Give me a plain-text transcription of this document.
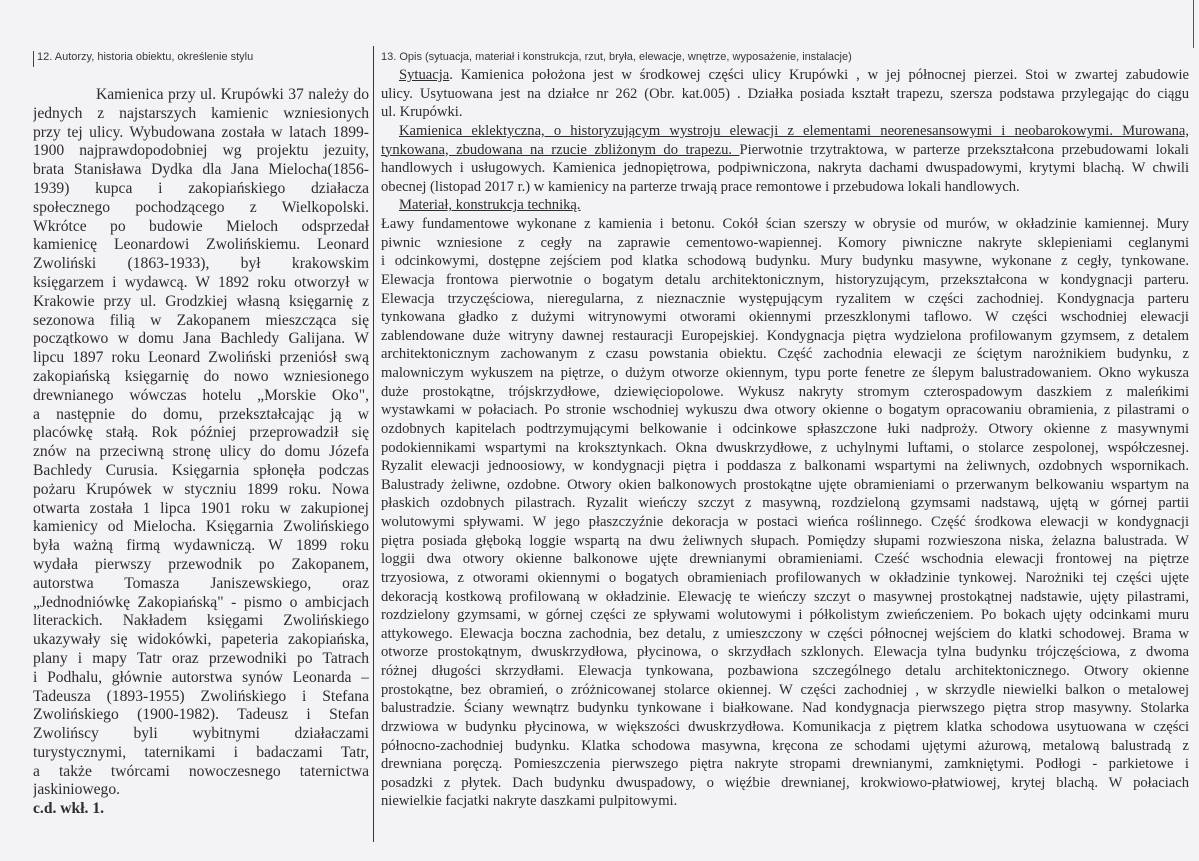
12. Autorzy, historia obiektu, określenie stylu	13. Opis (sytuacja, materiał i konstrukcja, rzut, bryła, elewacje, wnętrze, wyposażenie, instalacje)
Kamienica przy ul. Krupówki 37 należy do
jednych z najstarszych kamienic wzniesionych
przy tej ulicy. Wybudowana została w latach 1899-
1900 najprawdopodobniej wg projektu jezuity,
brata Stanisława Dydka dla Jana Mielocha(1856-
1939) kupca i zakopiańskiego działacza
społecznego pochodzącego z Wielkopolski.
Wkrótce po budowie Mieloch odsprzedał
kamienicę Leonardowi Zwolińskiemu. Leonard
Zwoliński (1863-1933), był krakowskim
księgarzem i wydawcą. W 1892 roku otworzył w
Krakowie przy ul. Grodzkiej własną księgarnię z
sezonowa filią w Zakopanem mieszcząca się
początkowo w domu Jana Bachledy Galijana. W
lipcu 1897 roku Leonard Zwoliński przeniósł swą
zakopiańską księgarnię do nowo wzniesionego
drewnianego wówczas hotelu „Morskie Oko",
a następnie do domu, przekształcając ją w
placówkę stałą. Rok później przeprowadził się
znów na przeciwną stronę ulicy do domu Józefa
Bachledy Curusia. Księgarnia spłonęła podczas
pożaru Krupówek w styczniu 1899 roku. Nowa
otwarta została 1 lipca 1901 roku w zakupionej
kamienicy od Mielocha. Księgarnia Zwolińskiego
była ważną firmą wydawniczą. W 1899 roku
wydała pierwszy przewodnik po Zakopanem,
autorstwa Tomasza Janiszewskiego, oraz
„Jednodniówkę Zakopiańską" - pismo o ambicjach
literackich. Nakładem księgami Zwolińskiego
ukazywały się widokówki, papeteria zakopiańska,
plany i mapy Tatr oraz przewodniki po Tatrach
i Podhalu, głównie autorstwa synów Leonarda –
Tadeusza (1893-1955) Zwolińskiego i Stefana
Zwolińskiego (1900-1982). Tadeusz i Stefan
Zwolińscy byli wybitnymi działaczami
turystycznymi, taternikami i badaczami Tatr,
a także twórcami nowoczesnego taternictwa
jaskiniowego.
c.d. wkł. 1.
Sytuacja. Kamienica położona jest w środkowej części ulicy Krupówki , w jej północnej pierzei. Stoi w zwartej zabudowie
ulicy. Usytuowana jest na działce nr 262 (Obr. kat.005) . Działka posiada kształt trapezu, szersza podstawa przylegając do ciągu
ul. Krupówki.
Kamienica eklektyczna, o historyzującym wystroju elewacji z elementami neorenesansowymi i neobarokowymi. Murowana,
tynkowana, zbudowana na rzucie zbliżonym do trapezu. Pierwotnie trzytraktowa, w parterze przekształcona przebudowami lokali
handlowych i usługowych. Kamienica jednopiętrowa, podpiwniczona, nakryta dachami dwuspadowymi, krytymi blachą. W chwili
obecnej (listopad 2017 r.) w kamienicy na parterze trwają prace remontowe i przebudowa lokali handlowych.
Materiał, konstrukcja techniką.
Ławy fundamentowe wykonane z kamienia i betonu. Cokół ścian szerszy w obrysie od murów, w okładzinie kamiennej. Mury
piwnic wzniesione z cegły na zaprawie cementowo-wapiennej. Komory piwniczne nakryte sklepieniami ceglanymi
i odcinkowymi, dostępne zejściem pod klatka schodową budynku. Mury budynku masywne, wykonane z cegły, tynkowane.
Elewacja frontowa pierwotnie o bogatym detalu architektonicznym, historyzującym, przekształcona w kondygnacji parteru.
Elewacja trzyczęściowa, nieregularna, z nieznacznie występującym ryzalitem w części zachodniej. Kondygnacja parteru
tynkowana gładko z dużymi witrynowymi otworami okiennymi przeszklonymi taflowo. W części wschodniej elewacji
zablendowane duże witryny dawnej restauracji Europejskiej. Kondygnacja piętra wydzielona profilowanym gzymsem, z detalem
architektonicznym zachowanym z czasu powstania obiektu. Część zachodnia elewacji ze ściętym narożnikiem budynku, z
malowniczym wykuszem na piętrze, o dużym otworze okiennym, typu porte fenetre ze ślepym balustradowaniem. Okno wykusza
duże prostokątne, trójskrzydłowe, dziewięciopolowe. Wykusz nakryty stromym czterospadowym daszkiem z maleńkimi
wystawkami w połaciach. Po stronie wschodniej wykuszu dwa otwory okienne o bogatym opracowaniu obramienia, z pilastrami o
ozdobnych kapitelach podtrzymującymi belkowanie i odcinkowe spłaszczone łuki nadproży. Otwory okienne z masywnymi
podokiennikami wspartymi na kroksztynkach. Okna dwuskrzydłowe, z uchylnymi luftami, o stolarce zespolonej, współczesnej.
Ryzalit elewacji jednoosiowy, w kondygnacji piętra i poddasza z balkonami wspartymi na żeliwnych, ozdobnych wspornikach.
Balustrady żeliwne, ozdobne. Otwory okien balkonowych prostokątne ujęte obramieniami o przerwanym belkowaniu wspartym na
płaskich ozdobnych pilastrach. Ryzalit wieńczy szczyt z masywną, rozdzieloną gzymsami nadstawą, ujętą w górnej partii
wolutowymi spływami. W jego płaszczyźnie dekoracja w postaci wieńca roślinnego. Część środkowa elewacji w kondygnacji
piętra posiada głęboką loggie wspartą na dwu żeliwnych słupach. Pomiędzy słupami rozwieszona niska, żelazna balustrada. W
loggii dwa otwory okienne balkonowe ujęte drewnianymi obramieniami. Cześć wschodnia elewacji frontowej na piętrze
trzyosiowa, z otworami okiennymi o bogatych obramieniach profilowanych w okładzinie tynkowej. Narożniki tej części ujęte
dekoracją kostkową profilowaną w okładzinie. Elewację te wieńczy szczyt o masywnej prostokątnej nadstawie, ujęty pilastrami,
rozdzielony gzymsami, w górnej części ze spływami wolutowymi i półkolistym zwieńczeniem. Po bokach ujęty odcinkami muru
attykowego. Elewacja boczna zachodnia, bez detalu, z umieszczony w części północnej wejściem do klatki schodowej. Brama w
otworze prostokątnym, dwuskrzydłowa, płycinowa, o skrzydłach szklonych. Elewacja tylna budynku trójczęściowa, z dwoma
różnej długości skrzydłami. Elewacja tynkowana, pozbawiona szczególnego detalu architektonicznego. Otwory okienne
prostokątne, bez obramień, o zróżnicowanej stolarce okiennej. W części zachodniej , w skrzydle niewielki balkon o metalowej
balustradzie. Ściany wewnątrz budynku tynkowane i białkowane. Nad kondygnacja pierwszego piętra strop masywny. Stolarka
drzwiowa w budynku płycinowa, w większości dwuskrzydłowa. Komunikacja z piętrem klatka schodowa usytuowana w części
północno-zachodniej budynku. Klatka schodowa masywna, kręcona ze schodami ujętymi ażurową, metalową balustradą z
drewniana poręczą. Pomieszczenia pierwszego piętra nakryte stropami drewnianymi, zamkniętymi. Podłogi - parkietowe i
posadzki z płytek. Dach budynku dwuspadowy, o więźbie drewnianej, krokwiowo-płatwiowej, krytej blachą. W połaciach
niewielkie facjatki nakryte daszkami pulpitowymi.
